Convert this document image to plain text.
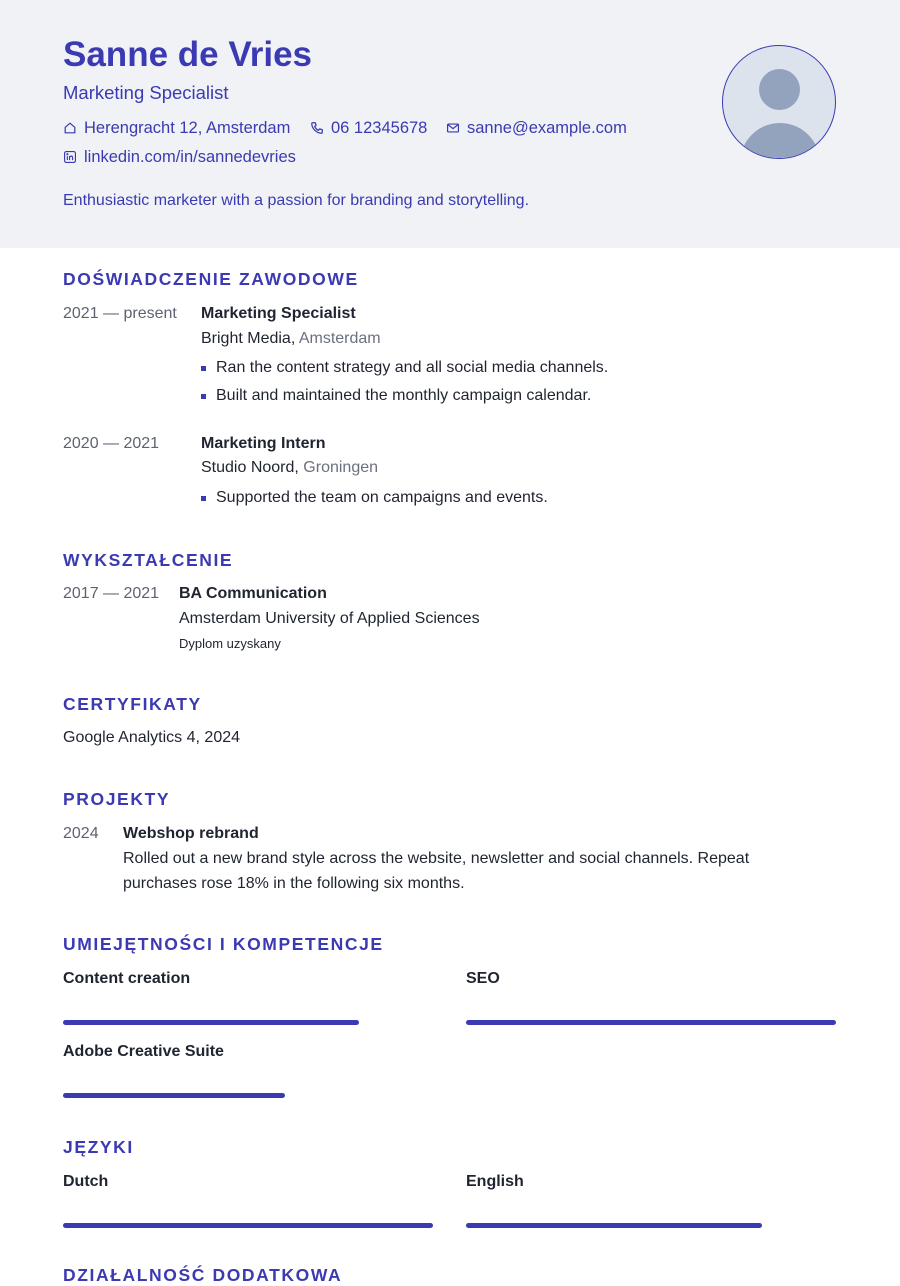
Sanne de Vries
Marketing Specialist
Herengracht 12, Amsterdam 06 12345678 sanne@example.com
linkedin.com/in/sannedevries
Enthusiastic marketer with a passion for branding and storytelling.
DOŚWIADCZENIE ZAWODOWE
2021 — present Marketing Specialist
Bright Media, Amsterdam
Ran the content strategy and all social media channels.
Built and maintained the monthly campaign calendar.
2020 — 2021	Marketing Intern
Studio Noord, Groningen
Supported the team on campaigns and events.
WYKSZTAŁCENIE
2017 — 2021 BA Communication
Amsterdam University of Applied Sciences
Dyplom uzyskany
CERTYFIKATY
Google Analytics 4, 2024
PROJEKTY
2024 Webshop rebrand
Rolled out a new brand style across the website, newsletter and social channels. Repeat purchases rose 18% in the following six months.
UMIEJĘTNOŚCI I KOMPETENCJE
Content creation	SEO
Adobe Creative Suite
JĘZYKI
Dutch	English
DZIAŁALNOŚĆ DODATKOWA
